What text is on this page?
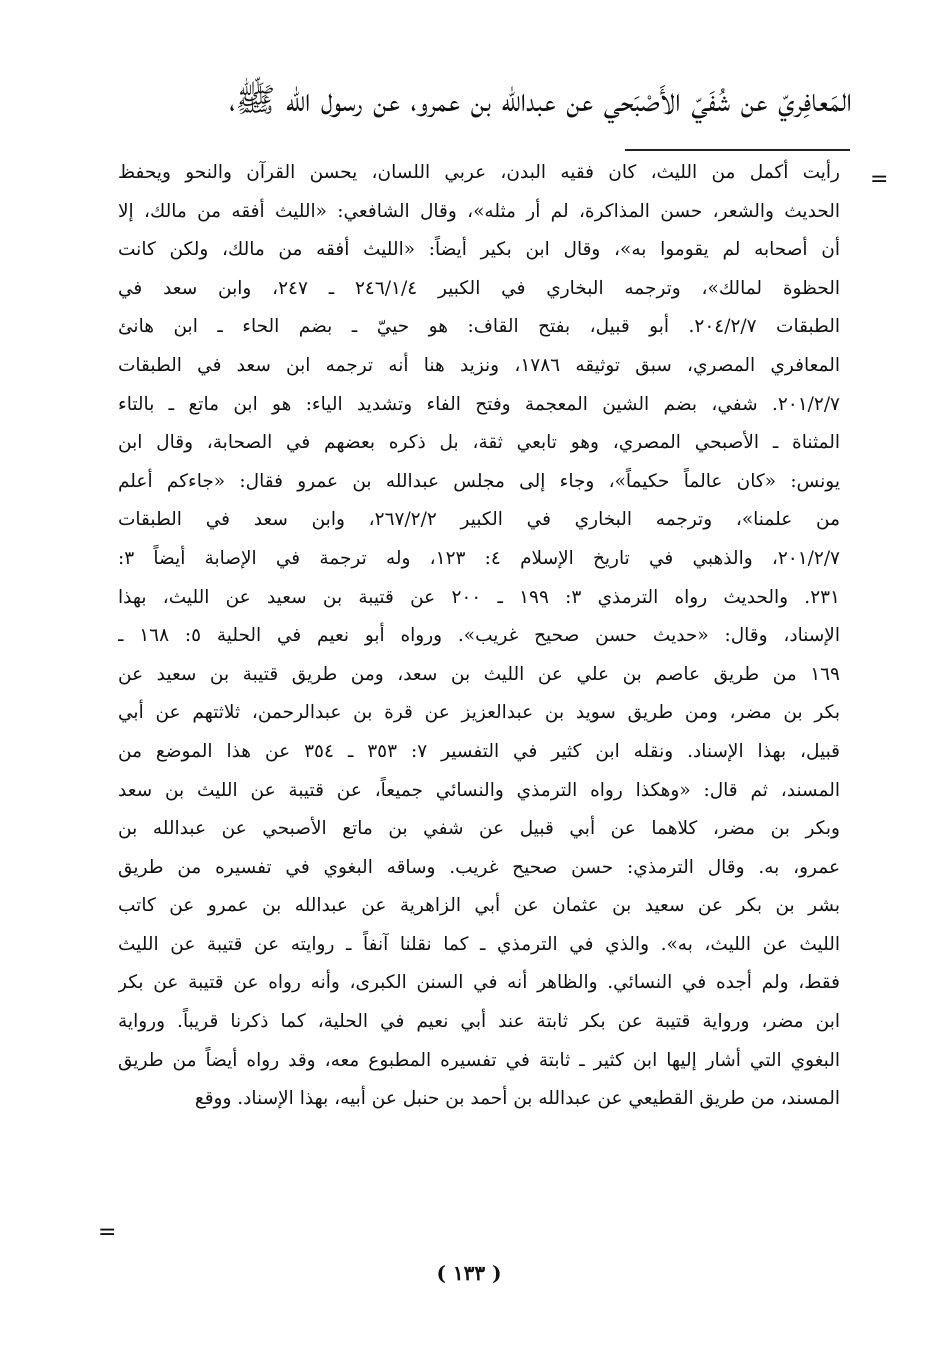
المَعافِريّ عن شُفَيّ الأَصْبَحي عن عبدالله بن عمرو، عن رسول الله ﷺ،
=
رأيت أكمل من الليث، كان فقيه البدن، عربي اللسان، يحسن القرآن والنحو ويحفظ
الحديث والشعر، حسن المذاكرة، لم أر مثله»، وقال الشافعي: «الليث أفقه من مالك، إلا
أن أصحابه لم يقوموا به»، وقال ابن بكير أيضاً: «الليث أفقه من مالك، ولكن كانت
الحظوة لمالك»، وترجمه البخاري في الكبير ٢٤٦/١/٤ ـ ٢٤٧، وابن سعد في
الطبقات ٢٠٤/٢/٧. أبو قبيل، بفتح القاف: هو حييّ ـ بضم الحاء ـ ابن هانئ
المعافري المصري، سبق توثيقه ١٧٨٦، ونزيد هنا أنه ترجمه ابن سعد في الطبقات
٢٠١/٢/٧. شفي، بضم الشين المعجمة وفتح الفاء وتشديد الياء: هو ابن ماتع ـ بالتاء
المثناة ـ الأصبحي المصري، وهو تابعي ثقة، بل ذكره بعضهم في الصحابة، وقال ابن
يونس: «كان عالماً حكيماً»، وجاء إلى مجلس عبدالله بن عمرو فقال: «جاءكم أعلم
من علمنا»، وترجمه البخاري في الكبير ٢٦٧/٢/٢، وابن سعد في الطبقات
٢٠١/٢/٧، والذهبي في تاريخ الإسلام ٤: ١٢٣، وله ترجمة في الإصابة أيضاً ٣:
٢٣١. والحديث رواه الترمذي ٣: ١٩٩ ـ ٢٠٠ عن قتيبة بن سعيد عن الليث، بهذا
الإسناد، وقال: «حديث حسن صحيح غريب». ورواه أبو نعيم في الحلية ٥: ١٦٨ ـ
١٦٩ من طريق عاصم بن علي عن الليث بن سعد، ومن طريق قتيبة بن سعيد عن
بكر بن مضر، ومن طريق سويد بن عبدالعزيز عن قرة بن عبدالرحمن، ثلاثتهم عن أبي
قبيل، بهذا الإسناد. ونقله ابن كثير في التفسير ٧: ٣٥٣ ـ ٣٥٤ عن هذا الموضع من
المسند، ثم قال: «وهكذا رواه الترمذي والنسائي جميعاً، عن قتيبة عن الليث بن سعد
وبكر بن مضر، كلاهما عن أبي قبيل عن شفي بن ماتع الأصبحي عن عبدالله بن
عمرو، به. وقال الترمذي: حسن صحيح غريب. وساقه البغوي في تفسيره من طريق
بشر بن بكر عن سعيد بن عثمان عن أبي الزاهرية عن عبدالله بن عمرو عن كاتب
الليث عن الليث، به». والذي في الترمذي ـ كما نقلنا آنفاً ـ روايته عن قتيبة عن الليث
فقط، ولم أجده في النسائي. والظاهر أنه في السنن الكبرى، وأنه رواه عن قتيبة عن بكر
ابن مضر، ورواية قتيبة عن بكر ثابتة عند أبي نعيم في الحلية، كما ذكرنا قريباً. ورواية
البغوي التي أشار إليها ابن كثير ـ ثابتة في تفسيره المطبوع معه، وقد رواه أيضاً من طريق
المسند، من طريق القطيعي عن عبدالله بن أحمد بن حنبل عن أبيه، بهذا الإسناد. ووقع
=
( ١٣٣ )
